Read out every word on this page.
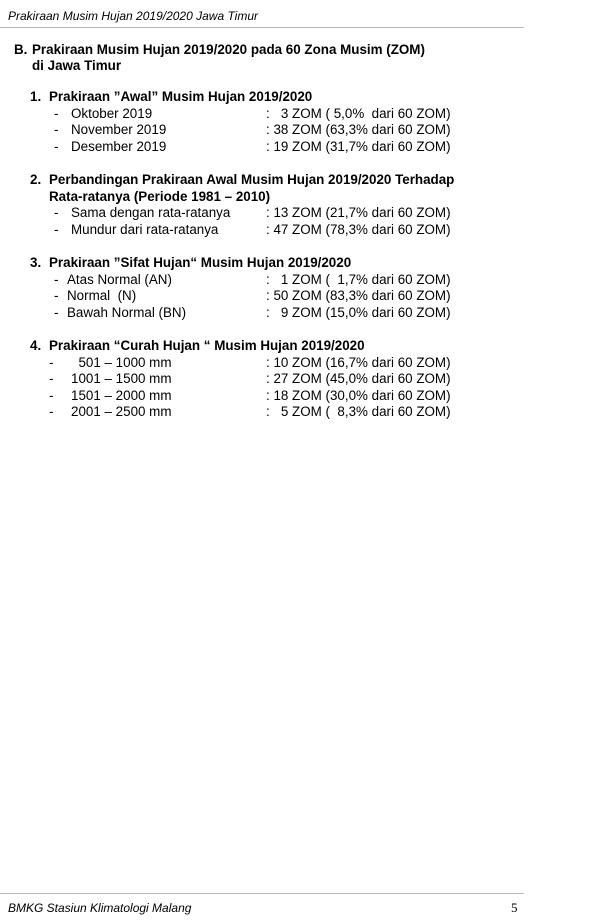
Prakiraan Musim Hujan 2019/2020 Jawa Timur
B. Prakiraan Musim Hujan 2019/2020 pada 60 Zona Musim (ZOM)
di Jawa Timur
1. Prakiraan ”Awal” Musim Hujan 2019/2020
- Oktober 2019	:   3 ZOM ( 5,0%  dari 60 ZOM)
- November 2019	: 38 ZOM (63,3% dari 60 ZOM)
- Desember 2019	: 19 ZOM (31,7% dari 60 ZOM)
2. Perbandingan Prakiraan Awal Musim Hujan 2019/2020 Terhadap
Rata-ratanya (Periode 1981 – 2010)
- Sama dengan rata-ratanya	: 13 ZOM (21,7% dari 60 ZOM)
- Mundur dari rata-ratanya	: 47 ZOM (78,3% dari 60 ZOM)
3. Prakiraan ”Sifat Hujan“ Musim Hujan 2019/2020
- Atas Normal (AN)	:   1 ZOM (  1,7% dari 60 ZOM)
- Normal  (N)	: 50 ZOM (83,3% dari 60 ZOM)
- Bawah Normal (BN)	:   9 ZOM (15,0% dari 60 ZOM)
4. Prakiraan “Curah Hujan “ Musim Hujan 2019/2020
- 501 – 1000 mm	: 10 ZOM (16,7% dari 60 ZOM)
- 1001 – 1500 mm	: 27 ZOM (45,0% dari 60 ZOM)
- 1501 – 2000 mm	: 18 ZOM (30,0% dari 60 ZOM)
- 2001 – 2500 mm	:   5 ZOM (  8,3% dari 60 ZOM)
BMKG Stasiun Klimatologi Malang	5
